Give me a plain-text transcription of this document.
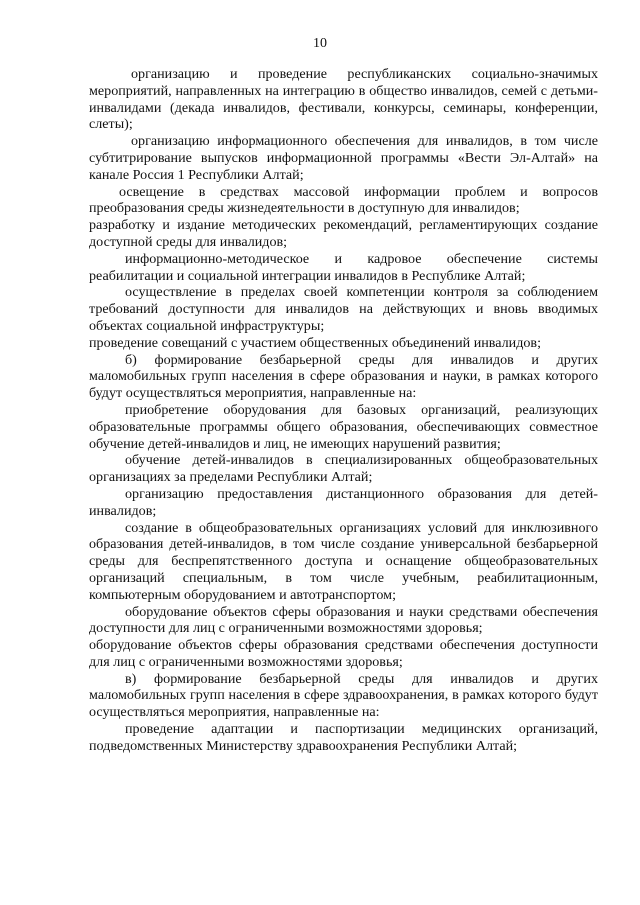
10

организацию и проведение республиканских социально-значимых мероприятий, направленных на интеграцию в общество инвалидов, семей с детьми-инвалидами (декада инвалидов, фестивали, конкурсы, семинары, конференции, слеты);

организацию информационного обеспечения для инвалидов, в том числе субтитрирование выпусков информационной программы «Вести Эл-Алтай» на канале Россия 1 Республики Алтай;

освещение в средствах массовой информации проблем и вопросов преобразования среды жизнедеятельности в доступную для инвалидов;

разработку и издание методических рекомендаций, регламентирующих создание доступной среды для инвалидов;

информационно-методическое и кадровое обеспечение системы реабилитации и социальной интеграции инвалидов в Республике Алтай;

осуществление в пределах своей компетенции контроля за соблюдением требований доступности для инвалидов на действующих и вновь вводимых объектах социальной инфраструктуры;

проведение совещаний с участием общественных объединений инвалидов;

б) формирование безбарьерной среды для инвалидов и других маломобильных групп населения в сфере образования и науки, в рамках которого будут осуществляться мероприятия, направленные на:

приобретение оборудования для базовых организаций, реализующих образовательные программы общего образования, обеспечивающих совместное обучение детей-инвалидов и лиц, не имеющих нарушений развития;

обучение детей-инвалидов в специализированных общеобразовательных организациях за пределами Республики Алтай;

организацию предоставления дистанционного образования для детей-инвалидов;

создание в общеобразовательных организациях условий для инклюзивного образования детей-инвалидов, в том числе создание универсальной безбарьерной среды для беспрепятственного доступа и оснащение общеобразовательных организаций специальным, в том числе учебным, реабилитационным, компьютерным оборудованием и автотранспортом;

оборудование объектов сферы образования и науки средствами обеспечения доступности для лиц с ограниченными возможностями здоровья;

оборудование объектов сферы образования средствами обеспечения доступности для лиц с ограниченными возможностями здоровья;

в) формирование безбарьерной среды для инвалидов и других маломобильных групп населения в сфере здравоохранения, в рамках которого будут осуществляться мероприятия, направленные на:

проведение адаптации и паспортизации медицинских организаций, подведомственных Министерству здравоохранения Республики Алтай;
